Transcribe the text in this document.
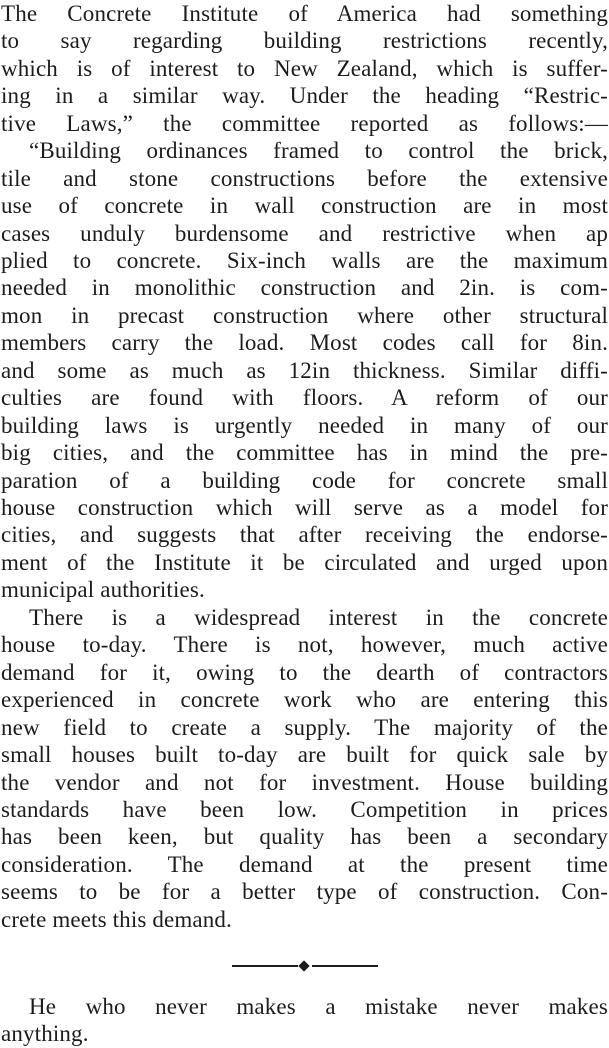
The Concrete Institute of America had something
to say regarding building restrictions recently,
which is of interest to New Zealand, which is suffer-
ing in a similar way. Under the heading “Restric-
tive Laws,” the committee reported as follows:—
“Building ordinances framed to control the brick,
tile and stone constructions before the extensive
use of concrete in wall construction are in most
cases unduly burdensome and restrictive when ap
plied to concrete. Six-inch walls are the maximum
needed in monolithic construction and 2in. is com-
mon in precast construction where other structural
members carry the load. Most codes call for 8in.
and some as much as 12in thickness. Similar diffi-
culties are found with floors. A reform of our
building laws is urgently needed in many of our
big cities, and the committee has in mind the pre-
paration of a building code for concrete small
house construction which will serve as a model for
cities, and suggests that after receiving the endorse-
ment of the Institute it be circulated and urged upon
municipal authorities.
There is a widespread interest in the concrete
house to-day. There is not, however, much active
demand for it, owing to the dearth of contractors
experienced in concrete work who are entering this
new field to create a supply. The majority of the
small houses built to-day are built for quick sale by
the vendor and not for investment. House building
standards have been low. Competition in prices
has been keen, but quality has been a secondary
consideration. The demand at the present time
seems to be for a better type of construction. Con-
crete meets this demand.
He who never makes a mistake never makes
anything.
